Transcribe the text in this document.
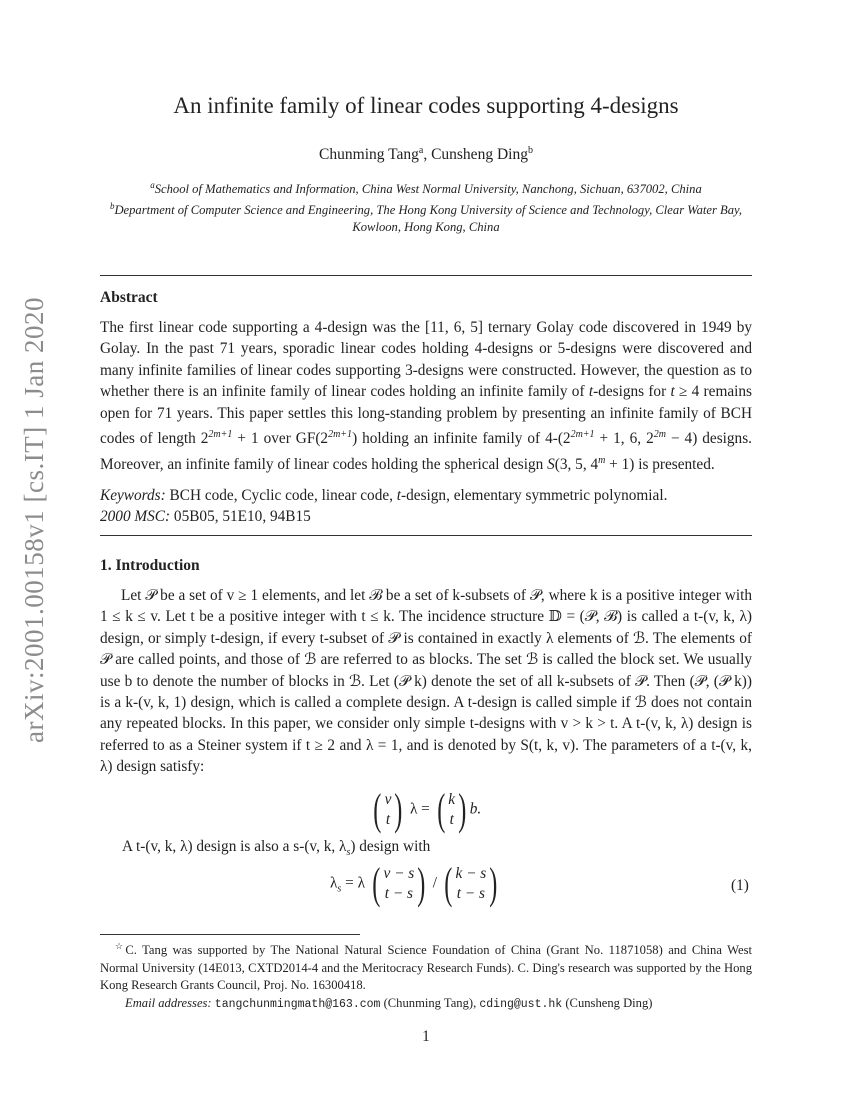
arXiv:2001.00158v1 [cs.IT] 1 Jan 2020
An infinite family of linear codes supporting 4-designs
Chunming Tang$^a$, Cunsheng Ding$^b$
$^a$School of Mathematics and Information, China West Normal University, Nanchong, Sichuan, 637002, China
$^b$Department of Computer Science and Engineering, The Hong Kong University of Science and Technology, Clear Water Bay, Kowloon, Hong Kong, China
Abstract
The first linear code supporting a 4-design was the [11, 6, 5] ternary Golay code discovered in 1949 by Golay. In the past 71 years, sporadic linear codes holding 4-designs or 5-designs were discovered and many infinite families of linear codes supporting 3-designs were constructed. However, the question as to whether there is an infinite family of linear codes holding an infinite family of t-designs for t ≥ 4 remains open for 71 years. This paper settles this long-standing problem by presenting an infinite family of BCH codes of length $2^{2m+1} + 1$ over $GF(2^{2m+1})$ holding an infinite family of $4-(2^{2m+1} + 1$, 6, $2^{2m} - 4$) designs. Moreover, an infinite family of linear codes holding the spherical design S(3, 5, $4^m + 1$) is presented.
Keywords: BCH code, Cyclic code, linear code, t-design, elementary symmetric polynomial.
2000 MSC: 05B05, 51E10, 94B15
1. Introduction

Let 𝒫 be a set of v ≥ 1 elements, and let ℬ be a set of k-subsets of 𝒫, where k is a positive integer with 1 ≤ k ≤ v. Let t be a positive integer with t ≤ k. The incidence structure 𝔻 = (𝒫, ℬ) is called a t-(v, k, λ) design, or simply t-design, if every t-subset of 𝒫 is contained in exactly λ elements of ℬ. The elements of 𝒫 are called points, and those of ℬ are referred to as blocks. The set ℬ is called the block set. We usually use b to denote the number of blocks in ℬ. Let (𝒫 k) denote the set of all k-subsets of 𝒫. Then (𝒫, (𝒫 k)) is a k-(v, k, 1) design, which is called a complete design. A t-design is called simple if ℬ does not contain any repeated blocks. In this paper, we consider only simple t-designs with v > k > t. A t-(v, k, λ) design is referred to as a Steiner system if t ≥ 2 and λ = 1, and is denoted by S(t, k, v). The parameters of a t-(v, k, λ) design satisfy:

( v
t ) λ = ( k
t ) b.
A t-(v, k, λ) design is also a s-(v, k, $\lambda_s$) design with
$\lambda_s = \lambda$ ( v − s
t − s ) / ( k − s
t − s )	(1)

☆C. Tang was supported by The National Natural Science Foundation of China (Grant No. 11871058) and China West Normal University (14E013, CXTD2014-4 and the Meritocracy Research Funds). C. Ding's research was supported by the Hong Kong Research Grants Council, Proj. No. 16300418.

Email addresses: tangchunmingmath@163.com (Chunming Tang), cding@ust.hk (Cunsheng Ding)

1
